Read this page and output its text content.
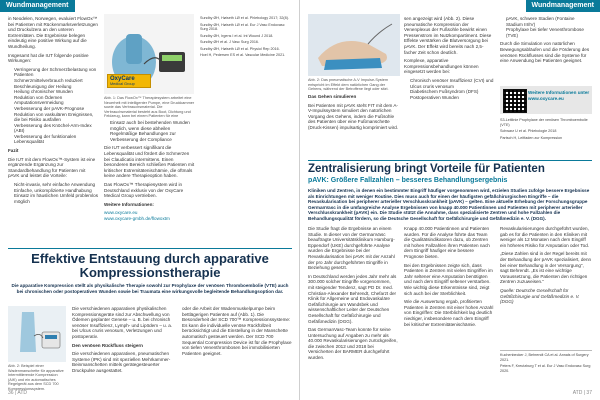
Wundmanagement

in Neodelen, Norwegen, evaluiert FlowOx™ bei Patienten mit Rückenmarksverletzungen und Druckulzera an den unteren Extremitäten. Die Ergebnisse belegen eindeutig eine positive Wirkung auf die Wundheilung.

Insgesamt hat die IUT folgende positive Wirkungen:

• Verringerung der Schmerzbelastung von Patienten
• Schmerzmittelverbrauch reduziert
• Beschleunigung der Heilung
• Heilung chronischer Wunden
• Reduktion von Ödemen
• Amputationsvermeidung
• Verbesserung der pAVK-Prognose
• Reduktion von vaskulären Ereignissen, die bei Risiko ausfallen
• Verbesserung des Knöchel-Arm-Index (ABI)
• Verbesserung der funktionalen Lebensqualität

Fazit

Die IUT mit dem FlowOx™-System ist eine ergänzende Ergänzung zur Standardbehandlung für Patienten mit pAVK und leistet die Vorteile:

• Nicht-invasiv, sehr einfache Anwendung
• Einfache, unkomplizierte Handhabung
• Einsatz im häuslichen Umfeld problemlos möglich
OxyCare
Medical Group
Abb. 1: Das FlowOx™ Therapiesystem arbeitet eine Neuerheit mit intelligenter Pumpe, eine Druckkammer sowie das Verbrauchsmaterial. Die Verbrauchsmaterial besteht aus Boot, Dichtung und Feldzeug, kann bei einem Patienten für eine
• Einsatz auch bei bestehenden Wunden möglich, wenn diese abheilen
• Regelmäßige Behandlungen zur Verbesserung der Compliance

Die IUT verbessert signifikant die Lebensqualität und fördert die Schmerzen bei Claudicatio intermittens. Einen besonderen Bereich schließen Patienten mit kritischer Extremitätenischämie, die oftmals keine andere Therapieoption haben.

Das FlowOx™ Therapiesystem wird in Deutschland exklusiv von der OxyCare Medical Group vertrieben.

Weitere Informationen:

www.oxycare.eu

www.oxycare-gmbh.de/flowoxtm

Sundby ØH, Høiseth LØ et al. Phlebology 2017; 32(8).
Sundby ØH, Høiseth LØ et al. Eur J Vasc Endovasc Surg 2018.
Sundby ØH, Irgens I et al. Int Wound J 2018.
Sundby ØH et al. J Vasc Surg 2016.
Sundby ØH, Høiseth LØ et al. Physiol Rep 2016.
Hoel H, Pedersen ES et al. Vascular Medicine 2021.
Effektive Entstauung durch apparative Kompressionstherapie
Die apparative Kompression stellt als physikalische Therapie sowohl zur Prophylaxe der venösen Thromboembolie (VTE) auch bei chronischen oder postoperativen Wunden sowie bei Traumata eine wirkungsvolle begleitende Behandlungsoption dar.
Abb. 2: Beispiel einer Wadenmanschette für apparative Intermittierende Kompression (AIK) und ein automatisches Regelgerät aus dem SCD 700 Kompressionssystem.

Die verschiedenen apparativen physikalischen Kompressionsgeräte sind zur Abschwellung von Ödemen geplanter Genese – u. B. bei chronisch venöser Insuffizienz, Lymph- und Lipödem – u. a. bei Ulcus cruris venosum, Verletzungen und postoperativ.

Den venösen Rückfluss steigern

Die verschiedenen apparativen, pneumatischen Systeme (IPK) sind mit speziellen Mehrkammer-Beinmanschetten mittels gerätegesteuerter Druckpulse ausgestattet.

oder die Arbeit der Wadenmuskelpumpe beim bettlägerigen Patienten auf (Abb. 1). Die Besonderheit der SCD 700™ Kompressionssysteme: Es kann die individuelle venöse Rückfüllzeit berücksichtigt und die Einstellung in der Manschette automatisch gesteuert werden. Der SCD 700 Sequential Compression Device ist für die Prophylaxe von tiefen Venenthrombosen bei immobilisierten Patienten geeignet.

36 | ATD
Wundmanagement
Abb. 2: Das pneumatische A-V Impulse-System entspricht im Effekt dem natürlichen Gang der Gehens, während der Betroffene liegt oder sitzt.

Das Gehen simulieren

Bei Patienten mit pAVK steht FIT mit dem A-V-Impulssystem simuliert den natürlichen Vorgang des Gehens, indem die Fußsohle des Patienten über eine Fußmanschette (Druck-Kissen) impulsartig komprimiert wird.

sen angezeigt wird (Abb. 2). Diese pneumatische Kompression der Venenplexus der Fußsohle bewirkt einen Pressenstrom im Nutzkompartiment. Diese Effekte verstärken die Blutversorgung bei pAVK. Der Effekt wird bereits nach 2,5-facher Zeit schon deutlich.

Komplexe, apparative Kompressionsbehandlungen können eingesetzt werden bei:

• Chronisch venöser Insuffizienz (CVI) und Ulcus cruris venosum
• Diabetischem Fußsyndrom (DFS)
• Postoperativen Wunden
• pAVK, schwere Stadien (Fontaine Stadium III/IV)
• Prophylaxe bei tiefer Venenthrombose (TVE)

Durch die Simulation von natürlichen Bewegungsabläufen und die Förderung des venösen Rückflusses sind die Systeme für eine Anwendung bei Patienten geeignet.

Weitere Informationen unter www.oxycare.eu
S3-Leitlinie Prophylaxe der venösen Thromboembolie (VTE)
Schwarz U et al. Phlebologie 2018
Partsch H, Leitfaden zur Kompression
Zentralisierung bringt Vorteile für Patienten
pAVK: Größere Fallzahlen – besseres Behandlungsergebnis
Kliniken und Zentren, in denen ein bestimmter Eingriff häufiger vorgenommen wird, erzielen Studien zufolge bessere Ergebnisse als Einrichtungen mit weniger Routine. Dies muss auch für einen der häufigsten gefäßchirurgischen Eingriffe – die Revaskularisation bei peripherer arterieller Verschlusskrankheit (pAVK) – gelten. Eine aktuelle Erhebung der Forschungsgruppe GermanVasc in die umfangreiche Analyse Ergebnissen von knapp 40.000 Patientinnen und Patienten mit peripherer arterieller Verschlusskrankheit (pAVK) ein. Die Studie stützt die Annahme, dass spezialisierte Zentren und hohe Fallzahlen die Behandlungsqualität fördern, so die Deutsche Gesellschaft für Gefäßchirurgie und Gefäßmedizin e. V. (DGG).

Die Studie fragt die Ergebnisse an einem Studie. In dieser von der GermanVasc beauftragte Universitätsklinikum Hamburg-Eppendorf (UKE) durchgeführte Analyse wurden die Ergebnisse bei der Revaskularisation bei pAVK mit der Anzahl der pro Jahr durchgeführten Eingriffe in Beziehung gesetzt.

In Deutschland werden jedes Jahr mehr als 300.000 solcher Eingriffe vorgenommen, mit steigender Tendenz, sagt PD Dr. med. Christian-Alexander Behrendt, Chefarzt der Klinik für Allgemeine und Endovaskuläre Gefäßchirurgie am Wandsbek und wissenschaftlicher Leiter der Deutschen Gesellschaft für Gefäßchirurgie und Gefäßmedizin (DGG).

Das GermanVasc-Team konnte für seine Untersuchung auf Angaben zu mehr als 40.000 Revaskularisierungen zurückgreifen, die zwischen 2012 und 2018 bei Versicherten der BARMER durchgeführt wurden.

Knapp 40.000 Patientinnen und Patienten wurden. Für die Analyse führte das Team die Qualitätsindikatoren dazu, ob Zentren mit hohen Fallzahlen ihren Patienten nach dem Eingriff häufiger eine bessere Prognose bieten.

Bei den Ergebnissen zeigte sich, dass Patienten in Zentren mit vielen Eingriffen im Jahr seltener eine Amputation benötigten und nach dem Eingriff seltener verstarben. Wie wichtig diese Erkenntnisse sind, zeigt sich auch bei der Sterblichkeit.

Wie die Auswertung ergab, profitierten Patienten in Zentren mit einer hohen Anzahl von Eingriffen: Die Sterblichkeit lag deutlich niedriger, insbesondere nach dem Eingriff bei kritischer Extremitätenischämie.

Revaskularisierungen durchgeführt wurden, gab es für die Patienten in den Kliniken mit weniger als 12 Monaten nach dem Eingriff ein höheres Risiko für Amputation oder Tod.

„Diese Zahlen sind in der Regel bereits mit der Behandlung der pAVK spezialisiert, denn bei einer Behandlung in der Versorgung“, sagt Behrendt. „Es ist eine wichtige Voraussetzung, die Patienten den richtigen Zentren zuzuweisen.“

Quelle: Deutsche Gesellschaft für Gefäßchirurgie und Gefäßmedizin e. V. (DGG)

Kuchenbecker J, Behrendt CA et al. Annals of Surgery 2021.
Peters F, Kreutzburg T et al. Eur J Vasc Endovasc Surg 2020.
ATD | 37
